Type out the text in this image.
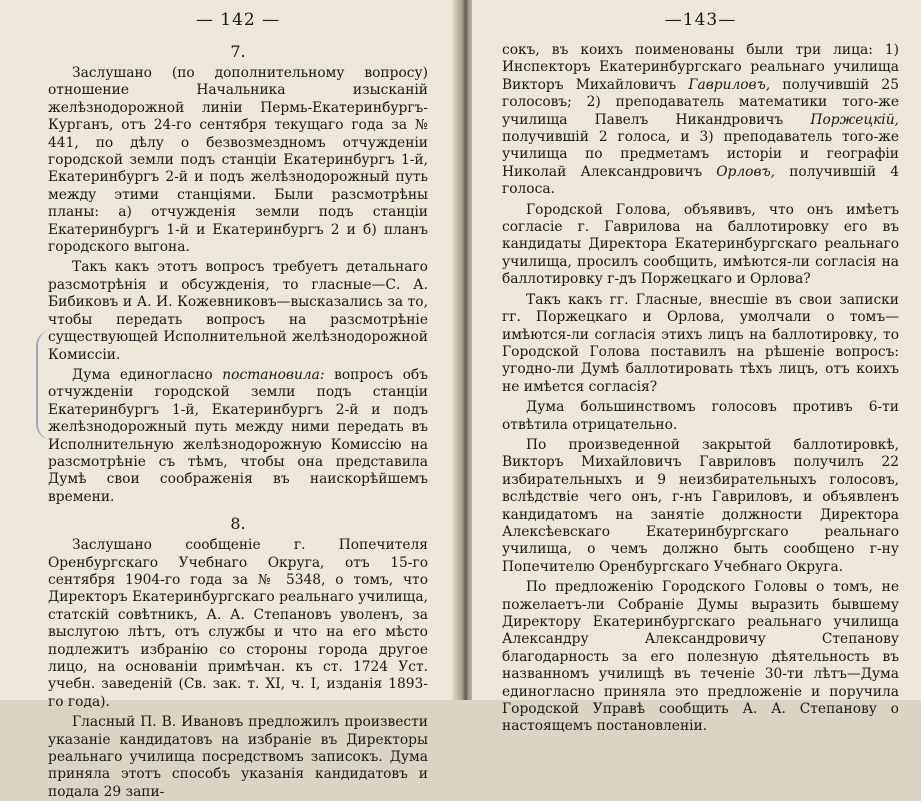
— 142 —
7.

Заслушано (по дополнительному вопросу) отношение Начальника изысканiй желѣзнодорожной линiи Пермь-Екатеринбургъ-Курганъ, отъ 24-го сентября текущаго года за № 441, по дѣлу о безвозмездномъ отчужденiи городской земли подъ станцiи Екатеринбургъ 1-й, Екатеринбургъ 2-й и подъ желѣзнодорожный путь между этими станцiями. Были разсмотрѣны планы: а) отчужденiя земли подъ станцiи Екатеринбургъ 1-й и Екатеринбургъ 2 и б) планъ городского выгона.

Такъ какъ этотъ вопросъ требуетъ детальнаго разсмотрѣнiя и обсужденiя, то гласные—С. А. Бибиковъ и А. И. Кожевниковъ—высказались за то, чтобы передать вопросъ на разсмотрѣнiе существующей Исполнительной желѣзнодорожной Комиссiи.

Дума единогласно постановила: вопросъ объ отчужденiи городской земли подъ станцiи Екатеринбургъ 1-й, Екатеринбургъ 2-й и подъ желѣзнодорожный путь между ними передать въ Исполнительную желѣзнодорожную Комиссiю на разсмотрѣнiе съ тѣмъ, чтобы она представила Думѣ свои соображенiя въ наискорѣйшемъ времени.

8.

Заслушано сообщенiе г. Попечителя Оренбургскаго Учебнаго Округа, отъ 15-го сентября 1904-го года за № 5348, о томъ, что Директоръ Екатеринбургскаго реальнаго училища, статскiй совѣтникъ, А. А. Степановъ уволенъ, за выслугою лѣтъ, отъ службы и что на его мѣсто подлежитъ избранiю со стороны города другое лицо, на основанiи примѣчан. къ ст. 1724 Уст. учебн. заведенiй (Св. зак. т. XI, ч. I, изданiя 1893-го года).

Гласный П. В. Ивановъ предложилъ произвести указанiе кандидатовъ на избранiе въ Директоры реальнаго училища посредствомъ записокъ. Дума приняла этотъ способъ указанiя кандидатовъ и подала 29 запи-

—143—

сокъ, въ коихъ поименованы были три лица: 1) Инспекторъ Екатеринбургскаго реальнаго училища Викторъ Михайловичъ Гавриловъ, получившiй 25 голосовъ; 2) преподаватель математики того-же училища Павелъ Никандровичъ Поржецкiй, получившiй 2 голоса, и 3) преподаватель того-же училища по предметамъ исторiи и географiи Николай Александровичъ Орловъ, получившiй 4 голоса.

Городской Голова, объявивъ, что онъ имѣетъ согласiе г. Гаврилова на баллотировку его въ кандидаты Директора Екатеринбургскаго реальнаго училища, просилъ сообщить, имѣются-ли согласiя на баллотировку г-дъ Поржецкаго и Орлова?

Такъ какъ гг. Гласные, внесшiе въ свои записки гг. Поржецкаго и Орлова, умолчали о томъ—имѣются-ли согласiя этихъ лицъ на баллотировку, то Городской Голова поставилъ на рѣшенiе вопросъ: угодно-ли Думѣ баллотировать тѣхъ лицъ, отъ коихъ не имѣется согласiя?

Дума большинствомъ голосовъ противъ 6-ти отвѣтила отрицательно.

По произведенной закрытой баллотировкѣ, Викторъ Михайловичъ Гавриловъ получилъ 22 избирательныхъ и 9 неизбирательныхъ голосовъ, вслѣдствiе чего онъ, г-нъ Гавриловъ, и объявленъ кандидатомъ на занятiе должности Директора Алексѣевскаго Екатеринбургскаго реальнаго училища, о чемъ должно быть сообщено г-ну Попечителю Оренбургскаго Учебнаго Округа.

По предложенiю Городского Головы о томъ, не пожелаетъ-ли Собранiе Думы выразить бывшему Директору Екатеринбургскаго реальнаго училища Александру Александровичу Степанову благодарность за его полезную дѣятельность въ названномъ училищѣ въ теченiе 30-ти лѣтъ—Дума единогласно приняла это предложенiе и поручила Городской Управѣ сообщить А. А. Степанову о настоящемъ постановленiи.
